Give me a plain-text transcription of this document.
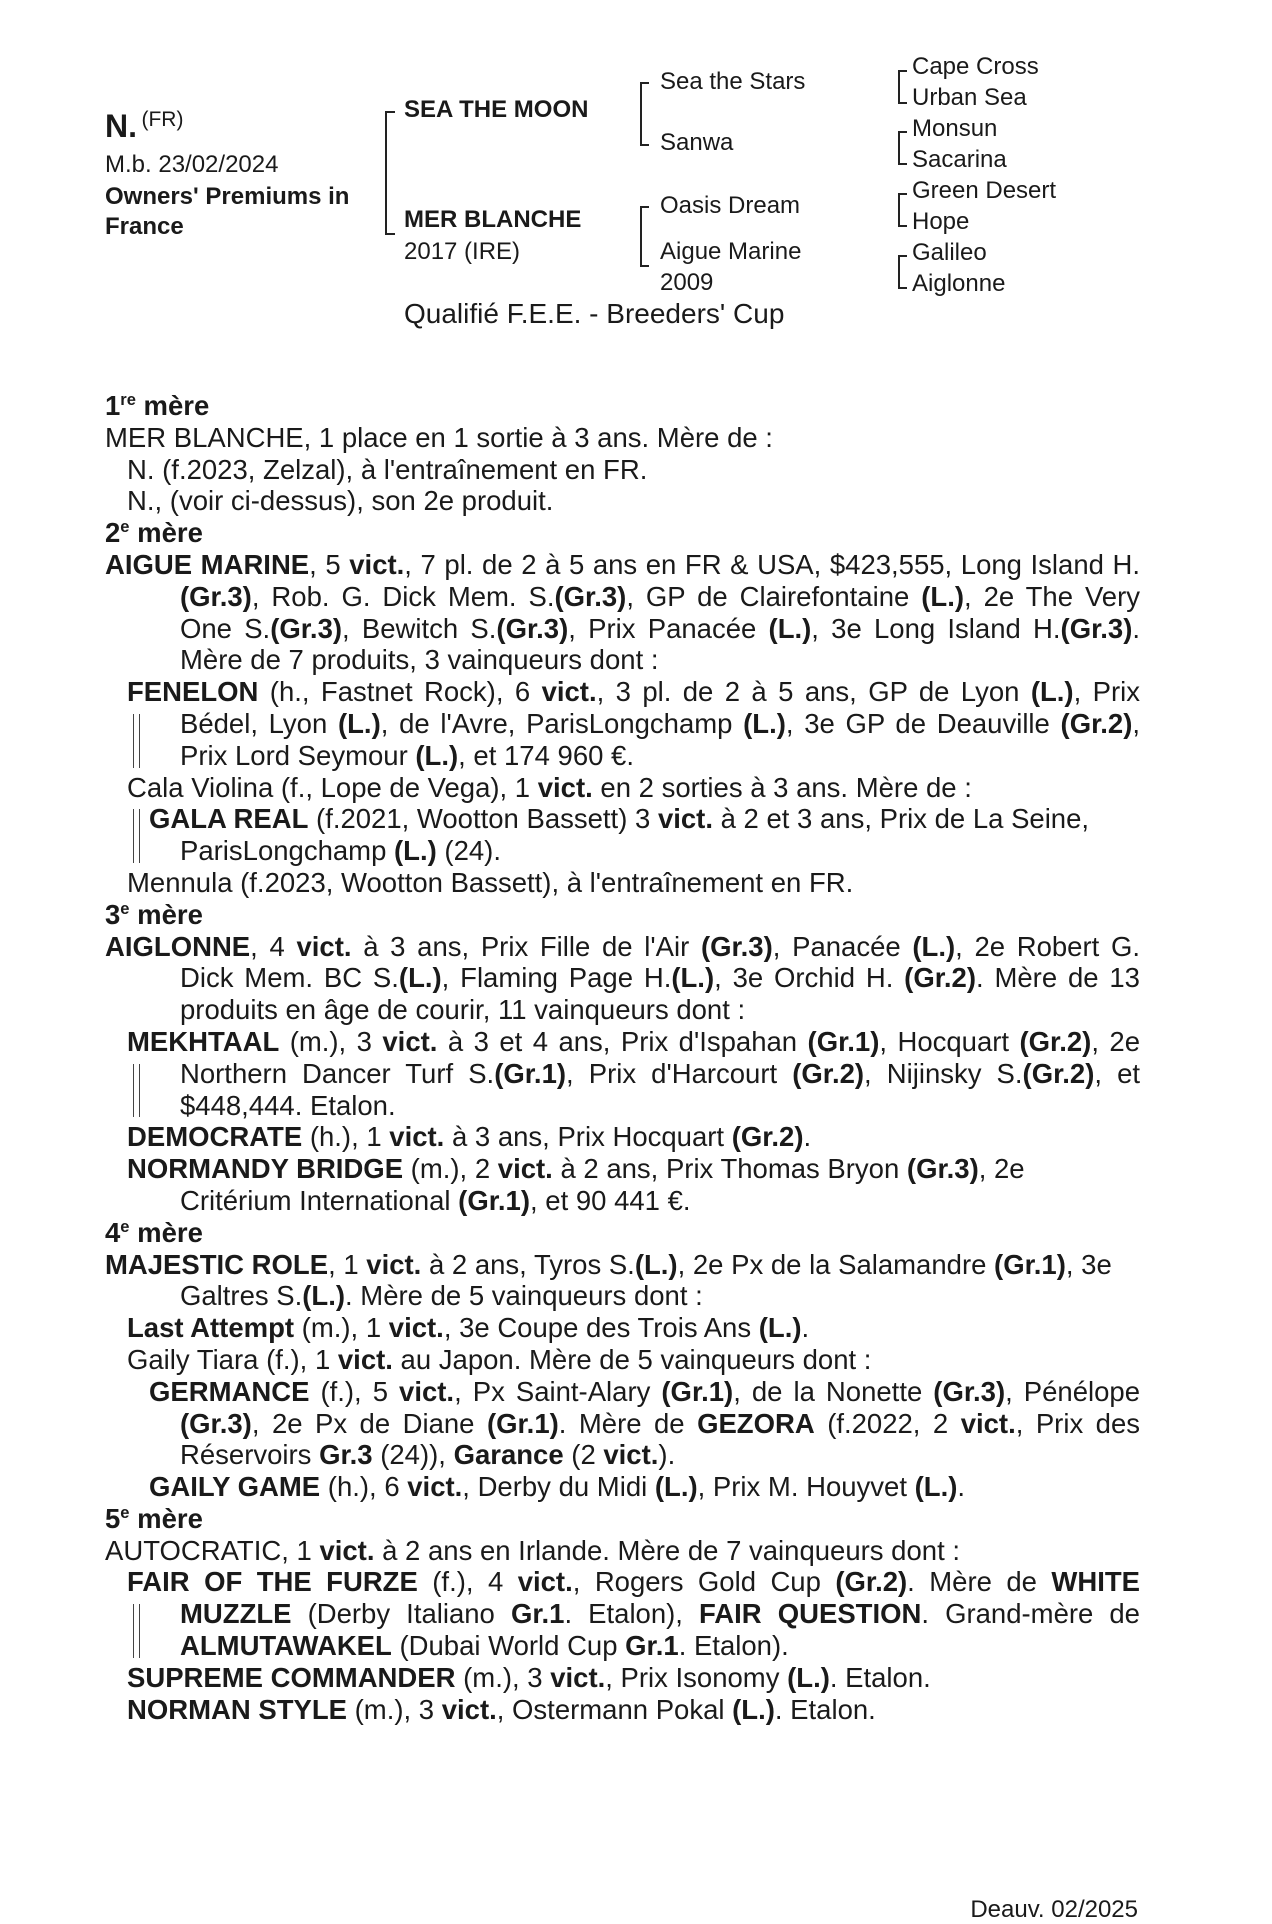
N. (FR)
M.b. 23/02/2024
Owners' Premiums in
France
SEA THE MOON
MER BLANCHE
2017 (IRE)
Sea the Stars
Sanwa
Oasis Dream
Aigue Marine
2009
Cape Cross
Urban Sea
Monsun
Sacarina
Green Desert
Hope
Galileo
Aiglonne
Qualifié F.E.E. - Breeders' Cup
1re mère
MER BLANCHE, 1 place en 1 sortie à 3 ans. Mère de :
N. (f.2023, Zelzal), à l'entraînement en FR.
N., (voir ci-dessus), son 2e produit.
2e mère
AIGUE MARINE, 5 vict., 7 pl. de 2 à 5 ans en FR & USA, $423,555, Long Island H.(Gr.3), Rob. G. Dick Mem. S.(Gr.3), GP de Clairefontaine (L.), 2e The Very One S.(Gr.3), Bewitch S.(Gr.3), Prix Panacée (L.), 3e Long Island H.(Gr.3). Mère de 7 produits, 3 vainqueurs dont :
FENELON (h., Fastnet Rock), 6 vict., 3 pl. de 2 à 5 ans, GP de Lyon (L.), Prix Bédel, Lyon (L.), de l'Avre, ParisLongchamp (L.), 3e GP de Deauville (Gr.2), Prix Lord Seymour (L.), et 174 960 €.
Cala Violina (f., Lope de Vega), 1 vict. en 2 sorties à 3 ans. Mère de :
GALA REAL (f.2021, Wootton Bassett) 3 vict. à 2 et 3 ans, Prix de La Seine, ParisLongchamp (L.) (24).
Mennula (f.2023, Wootton Bassett), à l'entraînement en FR.
3e mère
AIGLONNE, 4 vict. à 3 ans, Prix Fille de l'Air (Gr.3), Panacée (L.), 2e Robert G. Dick Mem. BC S.(L.), Flaming Page H.(L.), 3e Orchid H. (Gr.2). Mère de 13 produits en âge de courir, 11 vainqueurs dont :
MEKHTAAL (m.), 3 vict. à 3 et 4 ans, Prix d'Ispahan (Gr.1), Hocquart (Gr.2), 2e Northern Dancer Turf S.(Gr.1), Prix d'Harcourt (Gr.2), Nijinsky S.(Gr.2), et $448,444. Etalon.
DEMOCRATE (h.), 1 vict. à 3 ans, Prix Hocquart (Gr.2).
NORMANDY BRIDGE (m.), 2 vict. à 2 ans, Prix Thomas Bryon (Gr.3), 2e Critérium International (Gr.1), et 90 441 €.
4e mère
MAJESTIC ROLE, 1 vict. à 2 ans, Tyros S.(L.), 2e Px de la Salamandre (Gr.1), 3e Galtres S.(L.). Mère de 5 vainqueurs dont :
Last Attempt (m.), 1 vict., 3e Coupe des Trois Ans (L.).
Gaily Tiara (f.), 1 vict. au Japon. Mère de 5 vainqueurs dont :
GERMANCE (f.), 5 vict., Px Saint-Alary (Gr.1), de la Nonette (Gr.3), Pénélope (Gr.3), 2e Px de Diane (Gr.1). Mère de GEZORA (f.2022, 2 vict., Prix des Réservoirs Gr.3 (24)), Garance (2 vict.).
GAILY GAME (h.), 6 vict., Derby du Midi (L.), Prix M. Houyvet (L.).
5e mère
AUTOCRATIC, 1 vict. à 2 ans en Irlande. Mère de 7 vainqueurs dont :
FAIR OF THE FURZE (f.), 4 vict., Rogers Gold Cup (Gr.2). Mère de WHITE MUZZLE (Derby Italiano Gr.1. Etalon), FAIR QUESTION. Grand-mère de ALMUTAWAKEL (Dubai World Cup Gr.1. Etalon).
SUPREME COMMANDER (m.), 3 vict., Prix Isonomy (L.). Etalon.
NORMAN STYLE (m.), 3 vict., Ostermann Pokal (L.). Etalon.
Deauv. 02/2025
